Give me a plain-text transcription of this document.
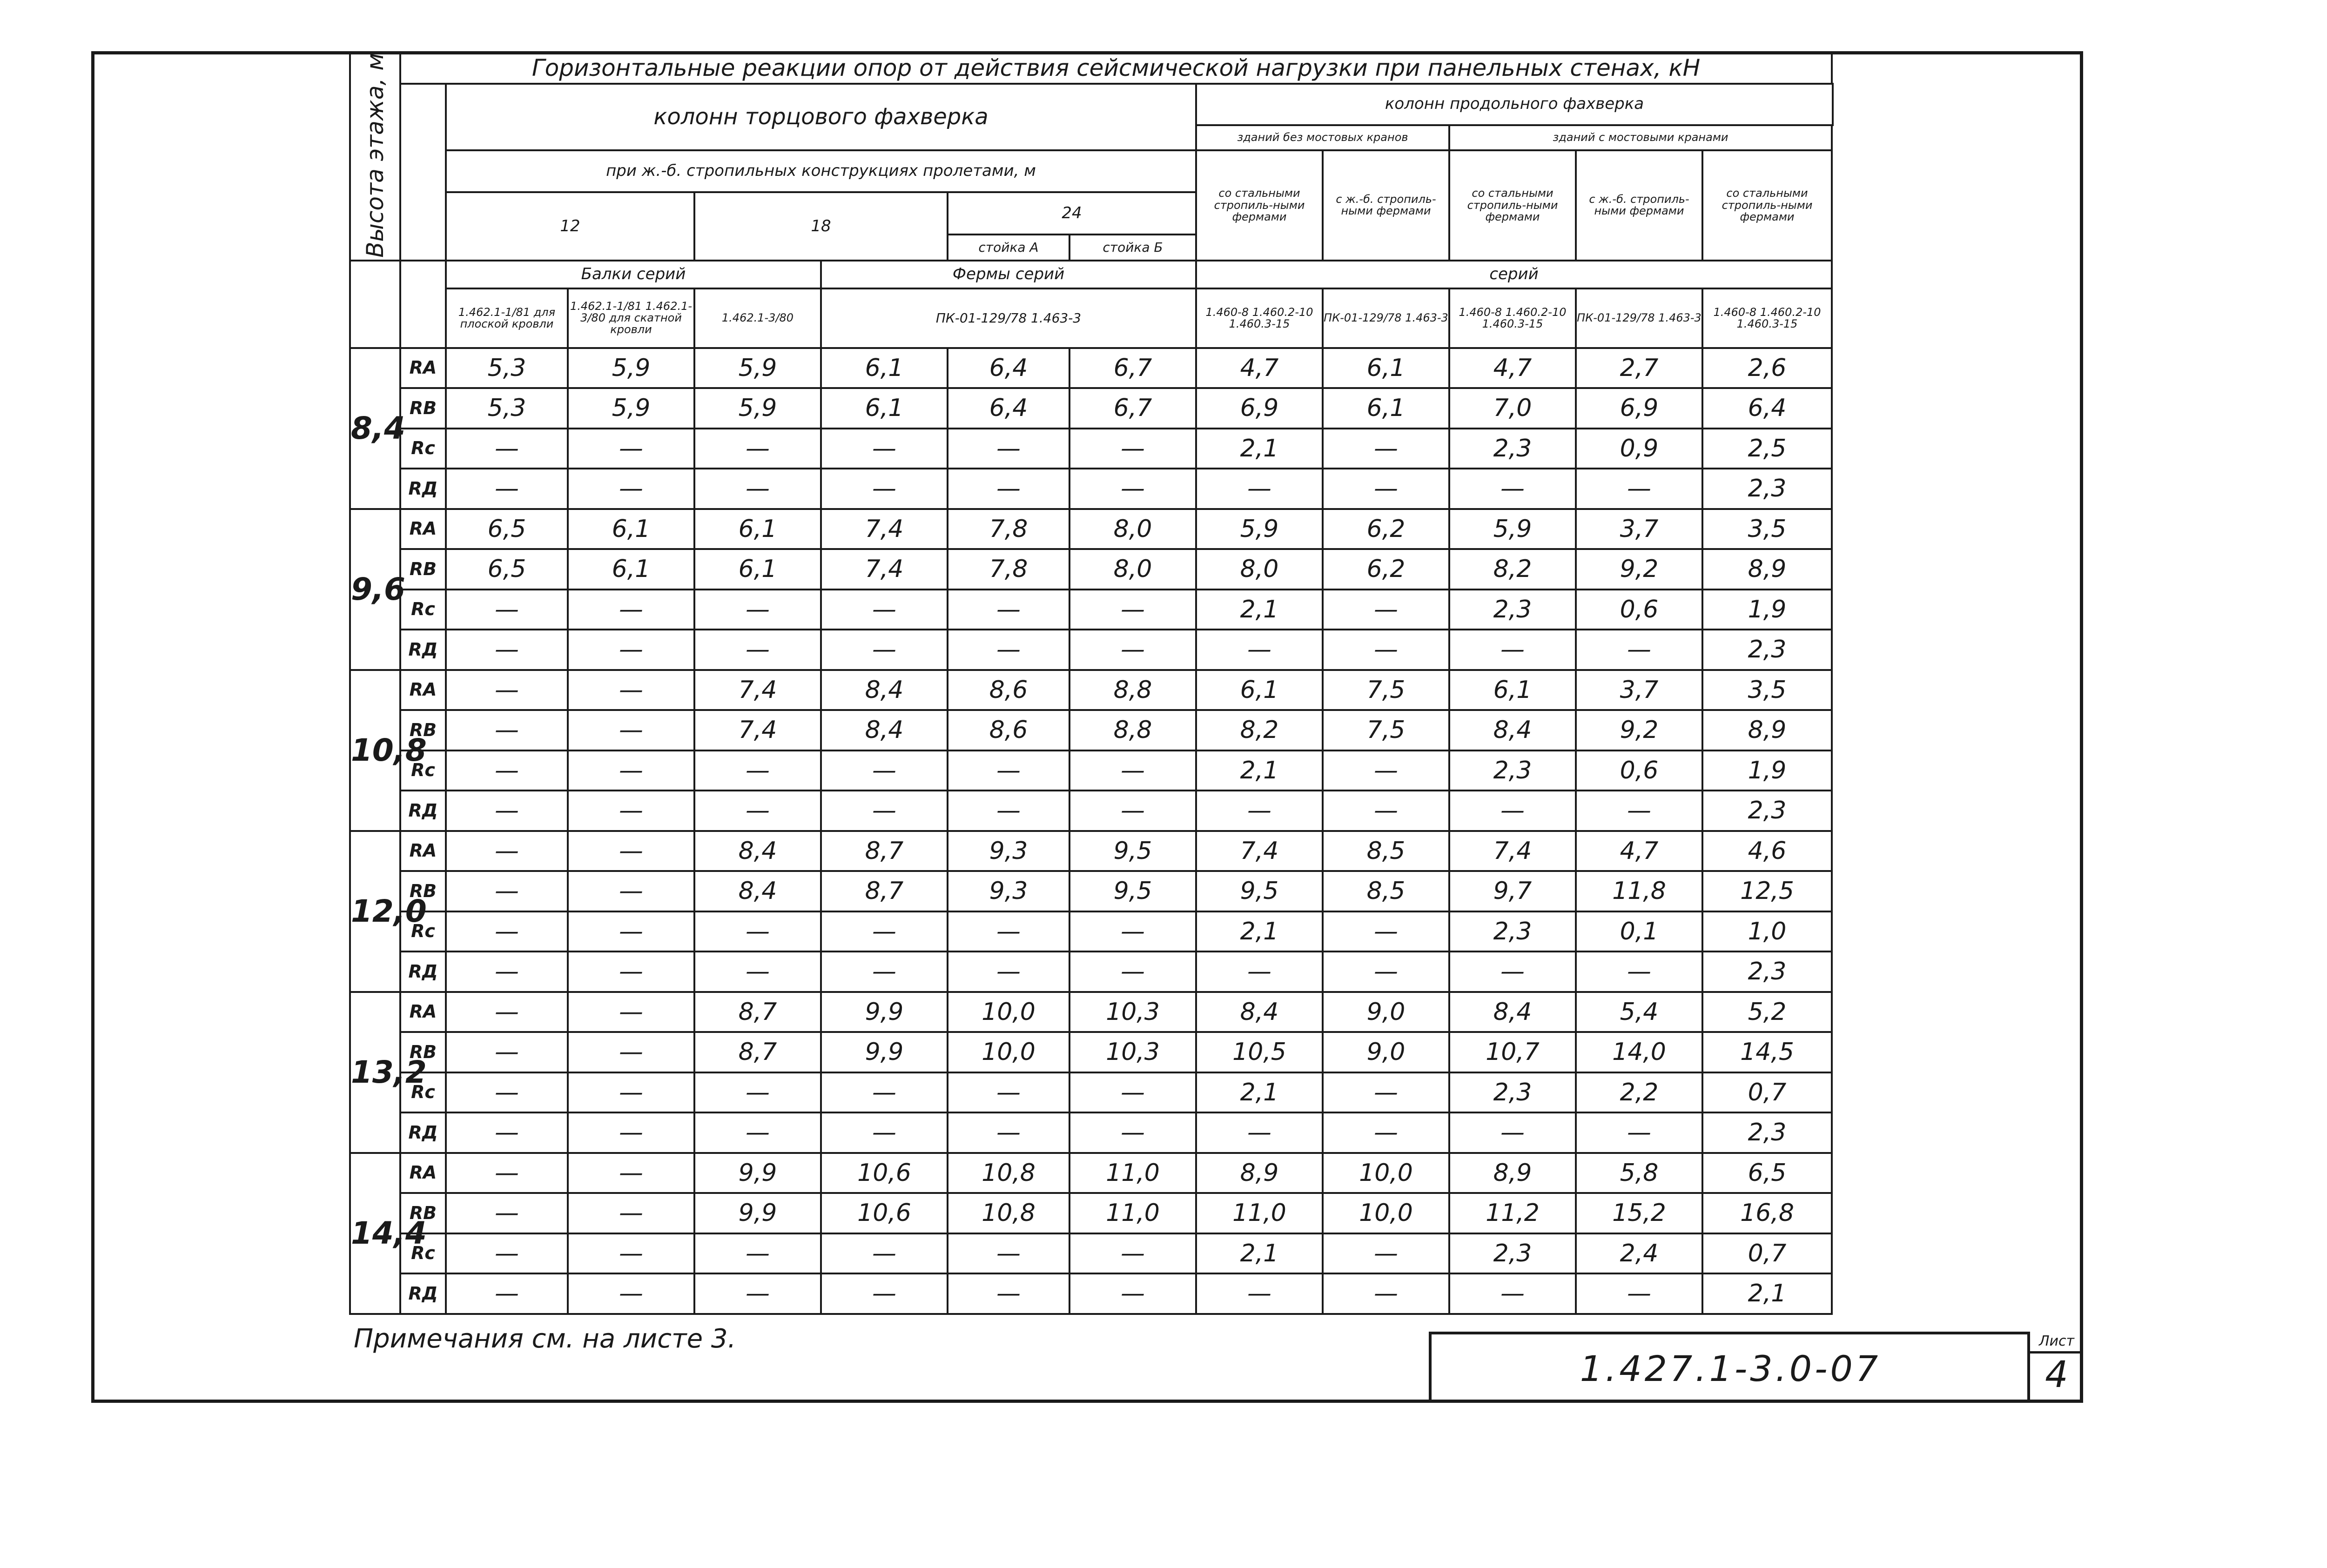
Высота этажа, м	Горизонтальные реакции опор от действия сейсмической нагрузки при панельных стенах, кН											
		колонн торцового фахверка						колонн продольного фахверка				
								зданий без мостовых кранов		зданий с мостовыми кранами		
		при ж.-б. стропильных конструкциях пролетами, м						со стальными стропиль-ными фермами	с ж.-б. стропиль-ными фермами	со стальными стропиль-ными фермами	с ж.-б. стропиль-ными фермами	со стальными стропиль-ными фермами
		12		18		24						
						стойка А	стойка Б					
		Балки серий			Фермы серий			серий				
		1.462.1-1/81 для плоской кровли	1.462.1-1/81 1.462.1-3/80 для скатной кровли	1.462.1-3/80	ПК-01-129/78 1.463-3			1.460-8 1.460.2-10 1.460.3-15	ПК-01-129/78 1.463-3	1.460-8 1.460.2-10 1.460.3-15	ПК-01-129/78 1.463-3	1.460-8 1.460.2-10 1.460.3-15
8,4	RA	5,3	5,9	5,9	6,1	6,4	6,7	4,7	6,1	4,7	2,7	2,6
	RB	5,3	5,9	5,9	6,1	6,4	6,7	6,9	6,1	7,0	6,9	6,4
	Rc	—	—	—	—	—	—	2,1	—	2,3	0,9	2,5
	RД	—	—	—	—	—	—	—	—	—	—	2,3
9,6	RA	6,5	6,1	6,1	7,4	7,8	8,0	5,9	6,2	5,9	3,7	3,5
	RB	6,5	6,1	6,1	7,4	7,8	8,0	8,0	6,2	8,2	9,2	8,9
	Rc	—	—	—	—	—	—	2,1	—	2,3	0,6	1,9
	RД	—	—	—	—	—	—	—	—	—	—	2,3
10,8	RA	—	—	7,4	8,4	8,6	8,8	6,1	7,5	6,1	3,7	3,5
	RB	—	—	7,4	8,4	8,6	8,8	8,2	7,5	8,4	9,2	8,9
	Rc	—	—	—	—	—	—	2,1	—	2,3	0,6	1,9
	RД	—	—	—	—	—	—	—	—	—	—	2,3
12,0	RA	—	—	8,4	8,7	9,3	9,5	7,4	8,5	7,4	4,7	4,6
	RB	—	—	8,4	8,7	9,3	9,5	9,5	8,5	9,7	11,8	12,5
	Rc	—	—	—	—	—	—	2,1	—	2,3	0,1	1,0
	RД	—	—	—	—	—	—	—	—	—	—	2,3
13,2	RA	—	—	8,7	9,9	10,0	10,3	8,4	9,0	8,4	5,4	5,2
	RB	—	—	8,7	9,9	10,0	10,3	10,5	9,0	10,7	14,0	14,5
	Rc	—	—	—	—	—	—	2,1	—	2,3	2,2	0,7
	RД	—	—	—	—	—	—	—	—	—	—	2,3
14,4	RA	—	—	9,9	10,6	10,8	11,0	8,9	10,0	8,9	5,8	6,5
	RB	—	—	9,9	10,6	10,8	11,0	11,0	10,0	11,2	15,2	16,8
	Rc	—	—	—	—	—	—	2,1	—	2,3	2,4	0,7
	RД	—	—	—	—	—	—	—	—	—	—	2,1
Примечания см. на листе 3.
1.427.1-3.0-07
Лист
4
